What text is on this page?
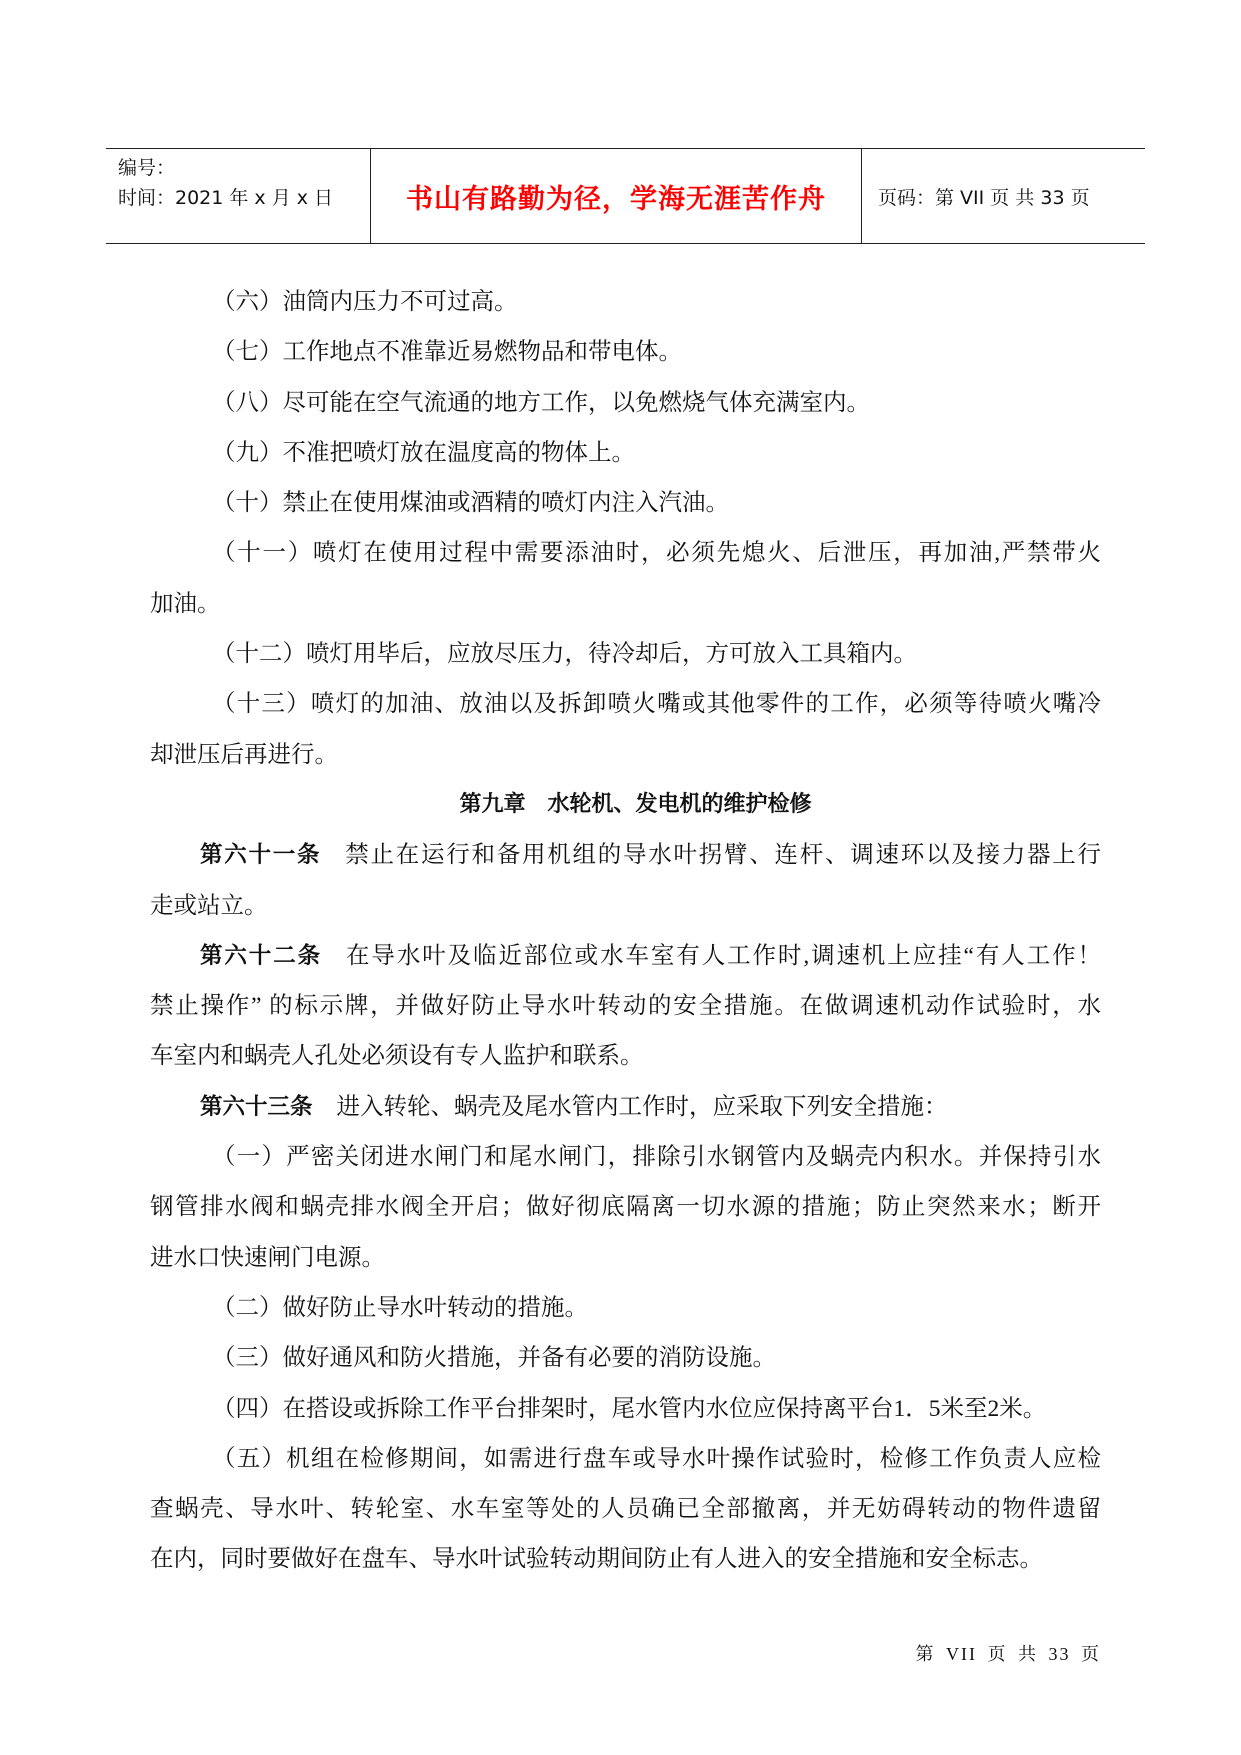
编号：
时间：2021 年 x 月 x 日	书山有路勤为径，学海无涯苦作舟	页码：第 VII 页 共 33 页
（六）油筒内压力不可过高。
（七）工作地点不准靠近易燃物品和带电体。
（八）尽可能在空气流通的地方工作，以免燃烧气体充满室内。
（九）不准把喷灯放在温度高的物体上。
（十）禁止在使用煤油或酒精的喷灯内注入汽油。
（十一）喷灯在使用过程中需要添油时，必须先熄火、后泄压，再加油,严禁带火
加油。
（十二）喷灯用毕后，应放尽压力，待冷却后，方可放入工具箱内。
（十三）喷灯的加油、放油以及拆卸喷火嘴或其他零件的工作，必须等待喷火嘴冷
却泄压后再进行。
第九章　水轮机、发电机的维护检修
第六十一条 禁止在运行和备用机组的导水叶拐臂、连杆、调速环以及接力器上行
走或站立。
第六十二条 在导水叶及临近部位或水车室有人工作时,调速机上应挂“有人工作！
禁止操作” 的标示牌，并做好防止导水叶转动的安全措施。在做调速机动作试验时，水
车室内和蜗壳人孔处必须设有专人监护和联系。
第六十三条 进入转轮、蜗壳及尾水管内工作时，应采取下列安全措施：
（一）严密关闭进水闸门和尾水闸门，排除引水钢管内及蜗壳内积水。并保持引水
钢管排水阀和蜗壳排水阀全开启；做好彻底隔离一切水源的措施；防止突然来水；断开
进水口快速闸门电源。
（二）做好防止导水叶转动的措施。
（三）做好通风和防火措施，并备有必要的消防设施。
（四）在搭设或拆除工作平台排架时，尾水管内水位应保持离平台1．5米至2米。
（五）机组在检修期间，如需进行盘车或导水叶操作试验时，检修工作负责人应检
查蜗壳、导水叶、转轮室、水车室等处的人员确已全部撤离，并无妨碍转动的物件遗留
在内，同时要做好在盘车、导水叶试验转动期间防止有人进入的安全措施和安全标志。
第 VII 页 共 33 页
